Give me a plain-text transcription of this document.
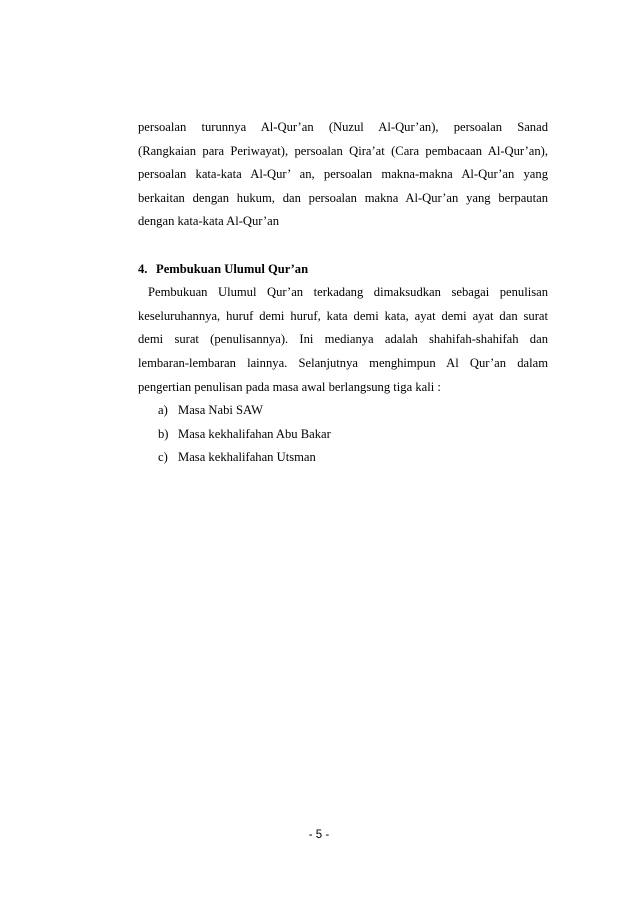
persoalan turunnya Al-Qur’an (Nuzul Al-Qur’an), persoalan Sanad
(Rangkaian para Periwayat), persoalan Qira’at (Cara pembacaan Al-Qur’an),
persoalan kata-kata Al-Qur’ an, persoalan makna-makna Al-Qur’an yang
berkaitan dengan hukum, dan persoalan makna Al-Qur’an yang berpautan
dengan kata-kata Al-Qur’an
4. Pembukuan Ulumul Qur’an
Pembukuan Ulumul Qur’an terkadang dimaksudkan sebagai penulisan
keseluruhannya, huruf demi huruf, kata demi kata, ayat demi ayat dan surat
demi surat (penulisannya). Ini medianya adalah shahifah-shahifah dan
lembaran-lembaran lainnya. Selanjutnya menghimpun Al Qur’an dalam
pengertian penulisan pada masa awal berlangsung tiga kali :
a) Masa Nabi SAW
b) Masa kekhalifahan Abu Bakar
c) Masa kekhalifahan Utsman
- 5 -
